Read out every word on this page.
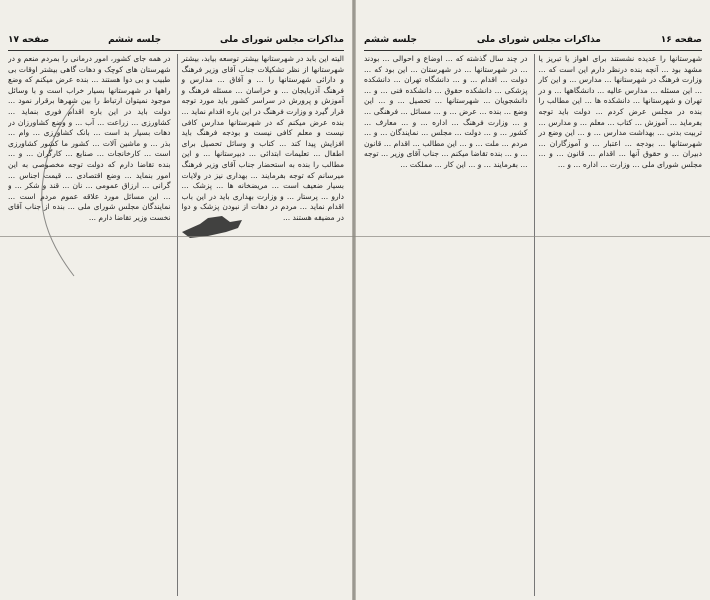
مذاکرات مجلس شورای ملی
جلسه ششم
صفحه ۱۷
الیته این بابد در شهرستانها بیشتر توسعه بیابد، بیشتر شهرستانها از نظر تشکیلات جناب آقای وزیر فرهنگ و دارائی شهرستانها را ... و آفاق ... مدارس و فرهنگ آذربایجان ... و خراسان ... مسئله فرهنگ و آموزش و پرورش در سراسر کشور باید مورد توجه قرار گیرد و وزارت فرهنگ در این باره اقدام نماید ... بنده عرض میکنم که در شهرستانها مدارس کافی نیست و معلم کافی نیست و بودجه فرهنگ باید افزایش پیدا کند ... کتاب و وسائل تحصیل برای اطفال ... تعلیمات ابتدائی ... دبیرستانها ... و این مطالب را بنده به استحضار جناب آقای وزیر فرهنگ میرسانم که توجه بفرمایند ... بهداری نیز در ولایات بسیار ضعیف است ... مریضخانه ها ... پزشک ... دارو ... پرستار ... و وزارت بهداری باید در این باب اقدام نماید ... مردم در دهات از نبودن پزشک و دوا در مضیقه هستند ...
در همه جای کشور، امور درمانی را بمردم منعم و در شهرستان های کوچک و دهات گاهی بیشتر اوقات بی طبیب و بی دوا هستند ... بنده عرض میکنم که وضع راهها در شهرستانها بسیار خراب است و با وسائل موجود نمیتوان ارتباط را بین شهرها برقرار نمود ... دولت باید در این باره اقدام فوری بنماید ... کشاورزی ... زراعت ... آب ... و وضع کشاورزان در دهات بسیار بد است ... بانک کشاورزی ... وام ... بذر ... و ماشین آلات ... کشور ما کشور کشاورزی است ... کارخانجات ... صنایع ... کارگران ... و ... بنده تقاضا دارم که دولت توجه مخصوصی به این امور بنماید ... وضع اقتصادی ... قیمت اجناس ... گرانی ... ارزاق عمومی ... نان ... قند و شکر ... و ... این مسائل مورد علاقه عموم مردم است ... نمایندگان مجلس شورای ملی ... بنده از جناب آقای نخست وزیر تقاضا دارم ...
صفحه ۱۶
مذاکرات مجلس شورای ملی
جلسه ششم
شهرستانها را عدیده نشستند برای اهواز یا تبریز یا مشهد بود ... آنچه بنده درنظر دارم این است که ... وزارت فرهنگ در شهرستانها ... مدارس ... و این کار ... این مسئله ... مدارس عالیه ... دانشگاهها ... و در تهران و شهرستانها ... دانشکده ها ... این مطالب را بنده در مجلس عرض کردم ... دولت باید توجه بفرماید ... آموزش ... کتاب ... معلم ... و مدارس ... تربیت بدنی ... بهداشت مدارس ... و ... این وضع در شهرستانها ... بودجه ... اعتبار ... و آموزگاران ... دبیران ... و حقوق آنها ... اقدام ... قانون ... و ... مجلس شورای ملی ... وزارت ... اداره ... و ...
در چند سال گذشته که ... اوضاع و احوالی ... بودند ... در شهرستانها ... در شهرستان ... این بود که ... دولت ... اقدام ... و ... دانشگاه تهران ... دانشکده پزشکی ... دانشکده حقوق ... دانشکده فنی ... و ... دانشجویان ... شهرستانها ... تحصیل ... و ... این وضع ... بنده ... عرض ... و ... مسائل ... فرهنگی ... و ... وزارت فرهنگ ... اداره ... و ... معارف ... کشور ... و ... دولت ... مجلس ... نمایندگان ... و ... مردم ... ملت ... و ... این مطالب ... اقدام ... قانون ... و ... بنده تقاضا میکنم ... جناب آقای وزیر ... توجه ... بفرمایند ... و ... این کار ... مملکت ...
